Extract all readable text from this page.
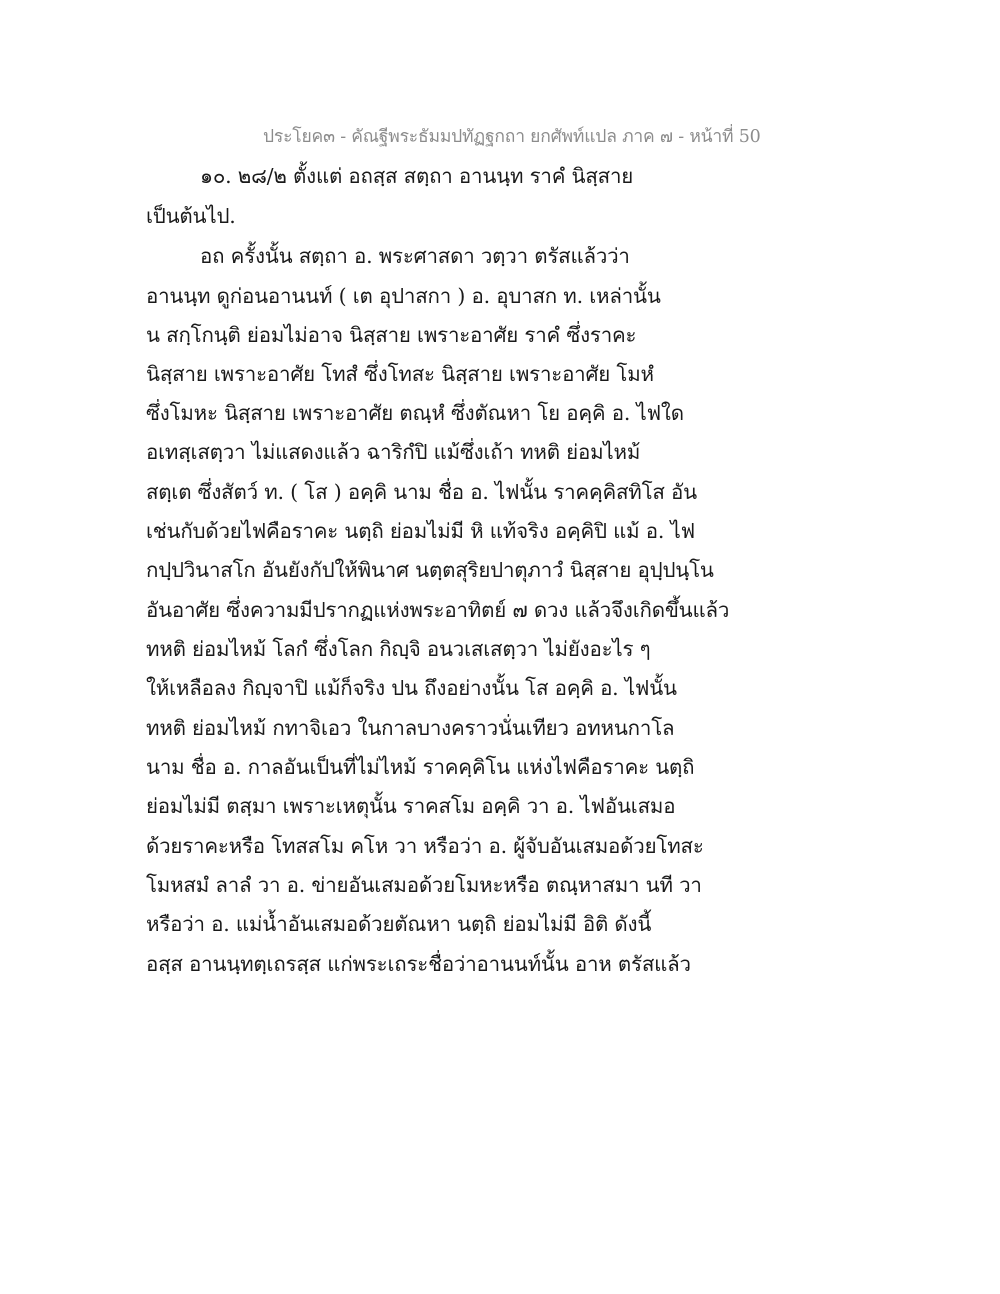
ประโยค๓ - คัณฐีพระธัมมปทัฏฐกถา ยกศัพท์แปล ภาค ๗ - หน้าที่ 50
๑๐. ๒๘/๒ ตั้งแต่ อถสฺส สตฺถา อานนฺท ราคํ นิสฺสาย
เป็นต้นไป.
อถ ครั้งนั้น สตฺถา อ. พระศาสดา วตฺวา ตรัสแล้วว่า
อานนฺท ดูก่อนอานนท์ ( เต อุปาสกา ) อ. อุบาสก ท. เหล่านั้น
น สกฺโกนฺติ ย่อมไม่อาจ นิสฺสาย เพราะอาศัย ราคํ ซึ่งราคะ
นิสฺสาย เพราะอาศัย โทสํ ซึ่งโทสะ นิสฺสาย เพราะอาศัย โมหํ
ซึ่งโมหะ นิสฺสาย เพราะอาศัย ตณฺหํ ซึ่งตัณหา โย อคฺคิ อ. ไฟใด
อเทสฺเสตฺวา ไม่แสดงแล้ว ฉาริกํปิ แม้ซึ่งเถ้า ทหติ ย่อมไหม้
สตฺเต ซึ่งสัตว์ ท. ( โส ) อคฺคิ นาม ชื่อ อ. ไฟนั้น ราคคฺคิสทิโส อัน
เช่นกับด้วยไฟคือราคะ นตฺถิ ย่อมไม่มี หิ แท้จริง อคฺคิปิ แม้ อ. ไฟ
กปฺปวินาสโก อันยังกัปให้พินาศ นตฺตสุริยปาตุภาวํ นิสฺสาย อุปฺปนฺโน
อันอาศัย ซึ่งความมีปรากฏแห่งพระอาทิตย์ ๗ ดวง แล้วจึงเกิดขึ้นแล้ว
ทหติ ย่อมไหม้ โลกํ ซึ่งโลก กิญฺจิ อนวเสเสตฺวา ไม่ยังอะไร ๆ
ให้เหลือลง กิญฺจาปิ แม้ก็จริง ปน ถึงอย่างนั้น โส อคฺคิ อ. ไฟนั้น
ทหติ ย่อมไหม้ กทาจิเอว ในกาลบางคราวนั่นเทียว อทหนกาโล
นาม ชื่อ อ. กาลอันเป็นที่ไม่ไหม้ ราคคฺคิโน แห่งไฟคือราคะ นตฺถิ
ย่อมไม่มี ตสฺมา เพราะเหตุนั้น ราคสโม อคฺคิ วา อ. ไฟอันเสมอ
ด้วยราคะหรือ โทสสโม คโห วา หรือว่า อ. ผู้จับอันเสมอด้วยโทสะ
โมหสมํ ลาลํ วา อ. ข่ายอันเสมอด้วยโมหะหรือ ตณฺหาสมา นที วา
หรือว่า อ. แม่น้ำอันเสมอด้วยตัณหา นตฺถิ ย่อมไม่มี อิติ ดังนี้
อสฺส อานนฺทตฺเถรสฺส แก่พระเถระชื่อว่าอานนท์นั้น อาห ตรัสแล้ว
